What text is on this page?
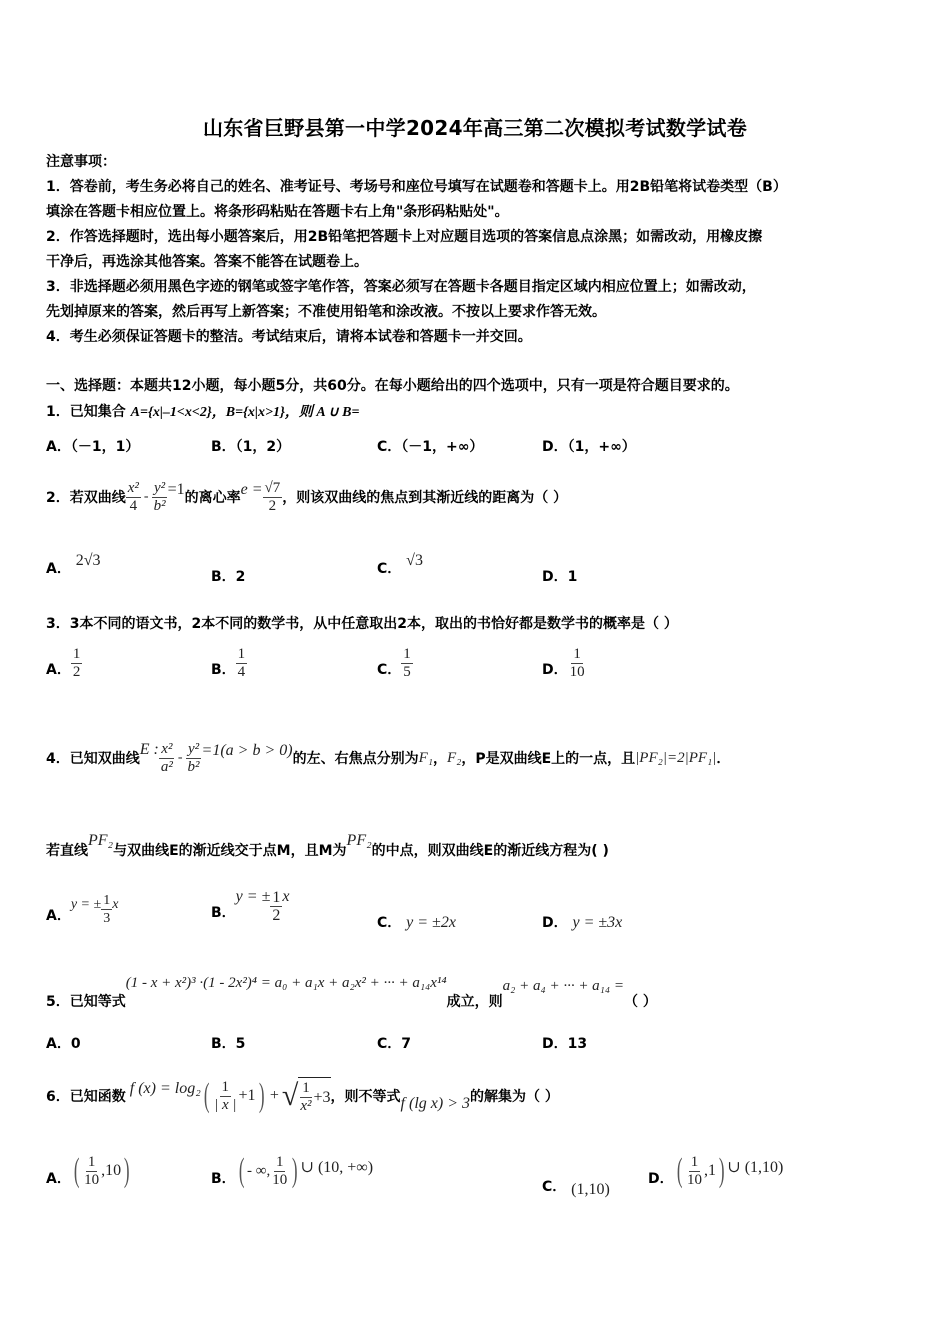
山东省巨野县第一中学2024年高三第二次模拟考试数学试卷
注意事项：
1．答卷前，考生务必将自己的姓名、准考证号、考场号和座位号填写在试题卷和答题卡上。用2B铅笔将试卷类型（B）
填涂在答题卡相应位置上。将条形码粘贴在答题卡右上角"条形码粘贴处"。
2．作答选择题时，选出每小题答案后，用2B铅笔把答题卡上对应题目选项的答案信息点涂黑；如需改动，用橡皮擦
干净后，再选涂其他答案。答案不能答在试题卷上。
3．非选择题必须用黑色字迹的钢笔或签字笔作答，答案必须写在答题卡各题目指定区域内相应位置上；如需改动，
先划掉原来的答案，然后再写上新答案；不准使用铅笔和涂改液。不按以上要求作答无效。
4．考生必须保证答题卡的整洁。考试结束后，请将本试卷和答题卡一并交回。
一、选择题：本题共12小题，每小题5分，共60分。在每小题给出的四个选项中，只有一项是符合题目要求的。
1．已知集合 A={x|–1<x<2}，B={x|x>1}，则 A ∪ B=
A．（－1，1）	B．（1，2）	C．（－1，+∞）	D．（1，+∞）
2． 若双曲线 $\frac{\text{x²}}{4} - \frac{\text{y²}}{\text{b²}} =1$ 的离心率 $e = \frac{√7}{2}$ ，则该双曲线的焦点到其渐近线的距离为（ ）
A． 2√3
B．2	C． √3
D．1
3．3本不同的语文书，2本不同的数学书，从中任意取出2本，取出的书恰好都是数学书的概率是（ ）
A． $\frac{1}{2}$	B． $\frac{1}{4}$	C． $\frac{1}{5}$	D． $\frac{1}{10}$
4． 已知双曲线
E : $\frac{\text{x²}}{\text{a²}} - \frac{\text{y²}}{\text{b²}} =1(a > b > 0)$ 的左、右焦点分别为 F₁ ， F₂ ，P是双曲线E上的一点，且 |PF₂|=2|PF₁| ．
若直线
PF₂
与双曲线E的渐近线交于点M，且M为
PF₂
的中点，则双曲线E的渐近线方程为( )
A．
y = ± $\frac{1}{3}$ x
B．
y = ± $\frac{1}{2}$ x
C． y = ±2x	D． y = ±3x
5． 已知等式
(1 - x + x²)³ ·(1 - 2x²)⁴ = a₀ + a₁x + a₂x² + ··· + a₁₄x¹⁴
成立，则
a₂ + a₄ + ··· + a₁₄ =
（ ）
A．0	B．5	C．7	D．13
6． 已知函数 f (x) = log₂ ( $\frac{1}{| x |} +1$ ) + √ $\frac{1}{\text{x²}} +3$ ，则不等式 f (lg x) > 3 的解集为（ ）
A． ( $\frac{1}{10} ,10$ )	B． ( - ∞, $\frac{1}{10}$ ) ∪ (10, +∞)
C． (1,10)
D． ( $\frac{1}{10} ,1$ ) ∪ (1,10)
